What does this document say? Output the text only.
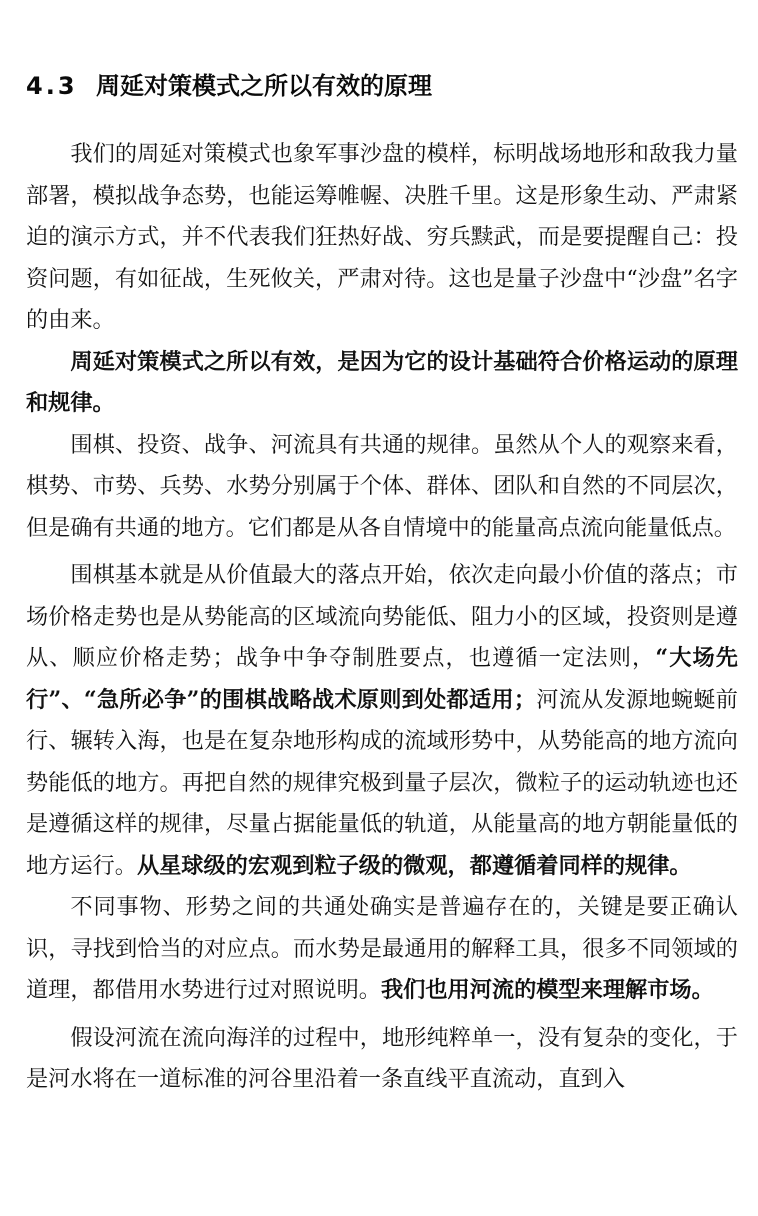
4.3 周延对策模式之所以有效的原理

我们的周延对策模式也象军事沙盘的模样，标明战场地形和敌我力量部署，模拟战争态势，也能运筹帷幄、决胜千里。这是形象生动、严肃紧迫的演示方式，并不代表我们狂热好战、穷兵黩武，而是要提醒自己：投资问题，有如征战，生死攸关，严肃对待。这也是量子沙盘中“沙盘”名字的由来。

周延对策模式之所以有效，是因为它的设计基础符合价格运动的原理和规律。

围棋、投资、战争、河流具有共通的规律。虽然从个人的观察来看，棋势、市势、兵势、水势分别属于个体、群体、团队和自然的不同层次，但是确有共通的地方。它们都是从各自情境中的能量高点流向能量低点。

围棋基本就是从价值最大的落点开始，依次走向最小价值的落点；市场价格走势也是从势能高的区域流向势能低、阻力小的区域，投资则是遵从、顺应价格走势；战争中争夺制胜要点，也遵循一定法则，“大场先行”、“急所必争”的围棋战略战术原则到处都适用；河流从发源地蜿蜒前行、辗转入海，也是在复杂地形构成的流域形势中，从势能高的地方流向势能低的地方。再把自然的规律究极到量子层次，微粒子的运动轨迹也还是遵循这样的规律，尽量占据能量低的轨道，从能量高的地方朝能量低的地方运行。从星球级的宏观到粒子级的微观，都遵循着同样的规律。

不同事物、形势之间的共通处确实是普遍存在的，关键是要正确认识，寻找到恰当的对应点。而水势是最通用的解释工具，很多不同领域的道理，都借用水势进行过对照说明。我们也用河流的模型来理解市场。

假设河流在流向海洋的过程中，地形纯粹单一，没有复杂的变化，于是河水将在一道标准的河谷里沿着一条直线平直流动，直到入
